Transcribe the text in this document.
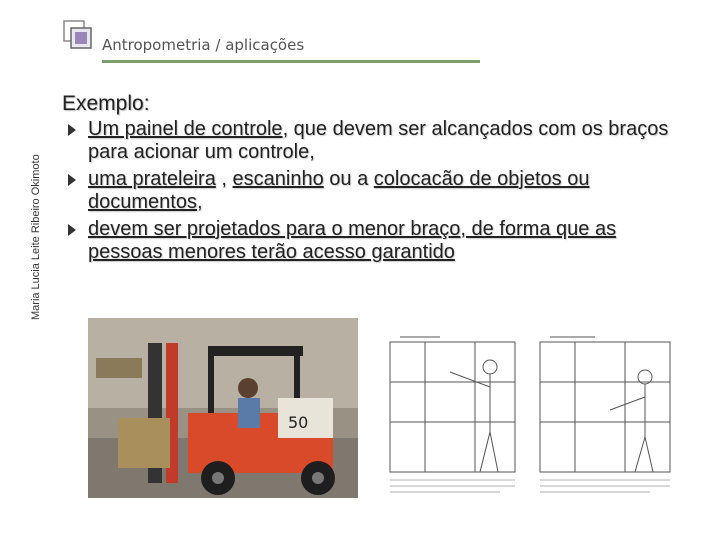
Maria Lucia Leite Ribeiro Okimoto
Antropometria / aplicações
Exemplo:
Um painel de controle, que devem ser alcançados com os braços para acionar um controle,
uma prateleira , escaninho ou a colocacão de objetos ou documentos,
devem ser projetados para o menor braço, de forma que as pessoas menores terão acesso garantido
50
